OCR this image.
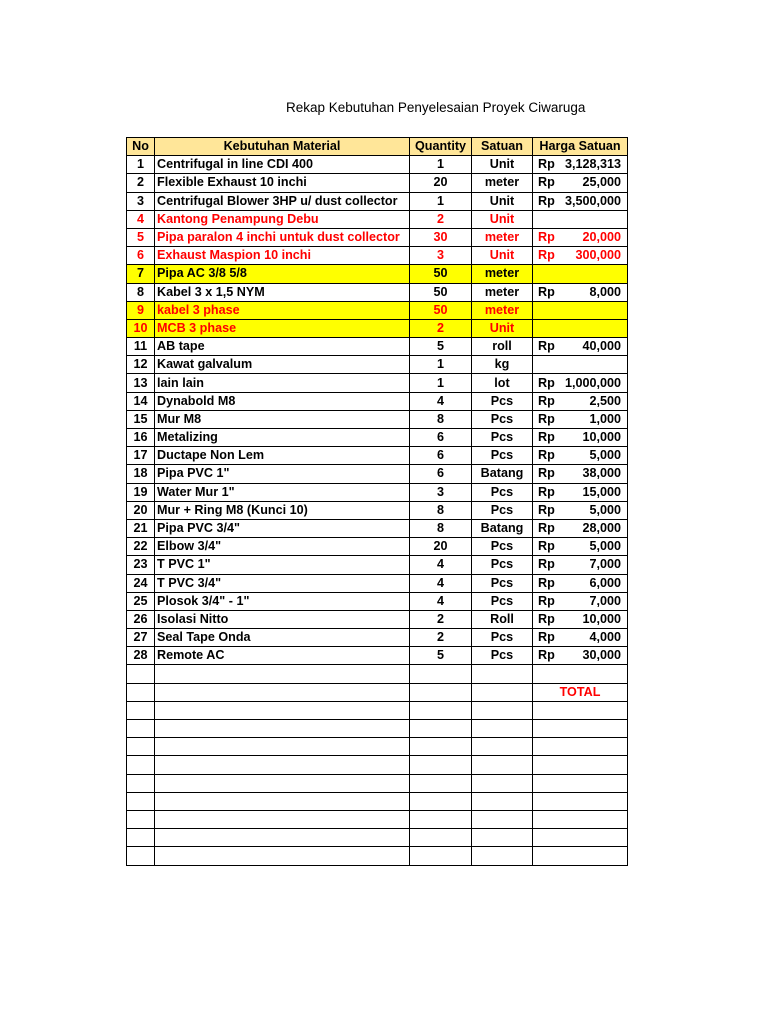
Rekap Kebutuhan Penyelesaian Proyek Ciwaruga
No	Kebutuhan Material	Quantity	Satuan	Harga Satuan
1	Centrifugal in line CDI 400	1	Unit	Rp 3,128,313

2	Flexible Exhaust 10 inchi	20	meter	Rp 25,000

3	Centrifugal Blower 3HP u/ dust collector	1	Unit	Rp 3,500,000

4	Kantong Penampung Debu	2	Unit	

5	Pipa paralon 4 inchi untuk dust collector	30	meter	Rp 20,000

6	Exhaust Maspion 10 inchi	3	Unit	Rp 300,000

7	Pipa AC 3/8 5/8	50	meter	

8	Kabel 3 x 1,5 NYM	50	meter	Rp 8,000

9	kabel 3 phase	50	meter	

10	MCB 3 phase	2	Unit	

11	AB tape	5	roll	Rp 40,000

12	Kawat galvalum	1	kg	

13	lain lain	1	lot	Rp 1,000,000

14	Dynabold M8	4	Pcs	Rp 2,500

15	Mur M8	8	Pcs	Rp 1,000

16	Metalizing	6	Pcs	Rp 10,000

17	Ductape Non Lem	6	Pcs	Rp 5,000

18	Pipa PVC 1"	6	Batang	Rp 38,000

19	Water Mur 1"	3	Pcs	Rp 15,000

20	Mur + Ring M8 (Kunci 10)	8	Pcs	Rp 5,000

21	Pipa PVC 3/4"	8	Batang	Rp 28,000

22	Elbow 3/4"	20	Pcs	Rp 5,000

23	T PVC 1"	4	Pcs	Rp 7,000

24	T PVC 3/4"	4	Pcs	Rp 6,000

25	Plosok 3/4" - 1"	4	Pcs	Rp 7,000

26	Isolasi Nitto	2	Roll	Rp 10,000

27	Seal Tape Onda	2	Pcs	Rp 4,000

28	Remote AC	5	Pcs	Rp 30,000

				TOTAL
